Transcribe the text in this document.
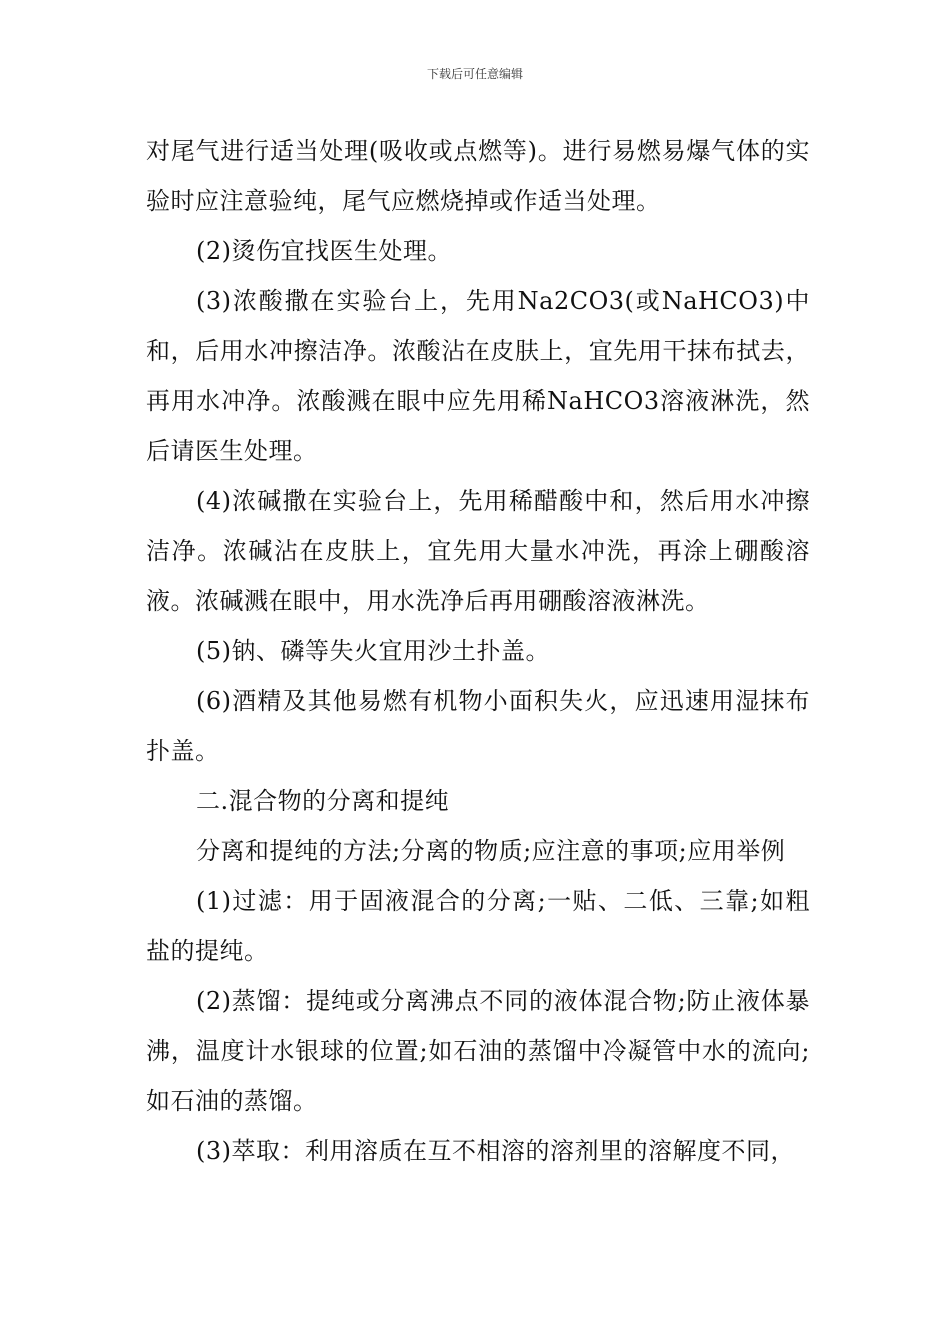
下载后可任意编辑

对尾气进行适当处理(吸收或点燃等)。进行易燃易爆气体的实验时应注意验纯，尾气应燃烧掉或作适当处理。

(2)烫伤宜找医生处理。

(3)浓酸撒在实验台上，先用Na2CO3(或NaHCO3)中和，后用水冲擦洁净。浓酸沾在皮肤上，宜先用干抹布拭去，再用水冲净。浓酸溅在眼中应先用稀NaHCO3溶液淋洗，然后请医生处理。

(4)浓碱撒在实验台上，先用稀醋酸中和，然后用水冲擦洁净。浓碱沾在皮肤上，宜先用大量水冲洗，再涂上硼酸溶液。浓碱溅在眼中，用水洗净后再用硼酸溶液淋洗。

(5)钠、磷等失火宜用沙土扑盖。

(6)酒精及其他易燃有机物小面积失火，应迅速用湿抹布扑盖。

二.混合物的分离和提纯

分离和提纯的方法;分离的物质;应注意的事项;应用举例

(1)过滤：用于固液混合的分离;一贴、二低、三靠;如粗盐的提纯。

(2)蒸馏：提纯或分离沸点不同的液体混合物;防止液体暴沸，温度计水银球的位置;如石油的蒸馏中冷凝管中水的流向;如石油的蒸馏。

(3)萃取：利用溶质在互不相溶的溶剂里的溶解度不同，
